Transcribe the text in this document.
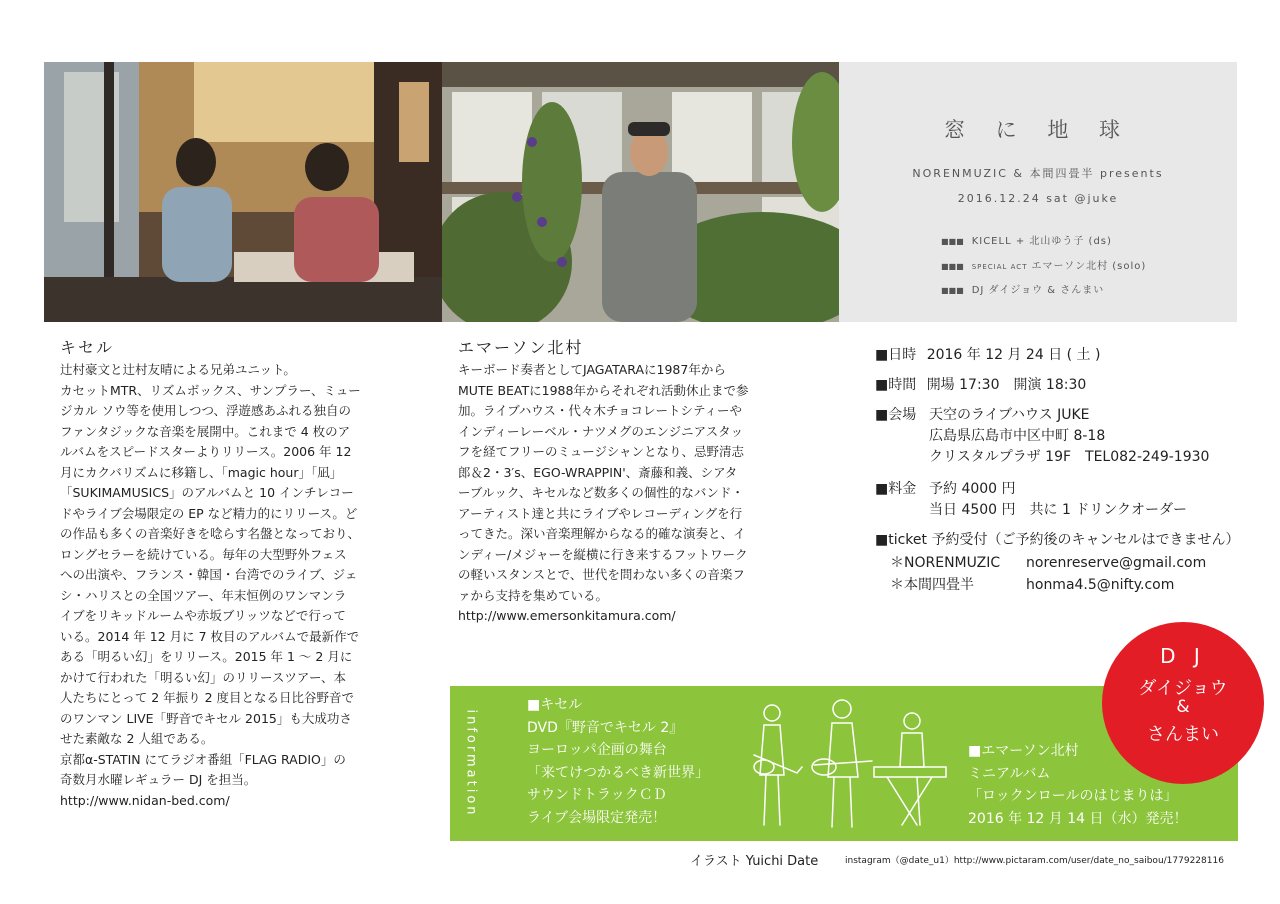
窓 に 地 球
NORENMUZIC & 本間四畳半 presents
2016.12.24 sat @juke
■■■ KICELL + 北山ゆう子 (ds)
■■■ SPECIAL ACT エマーソン北村 (solo)
■■■ DJ ダイジョウ & さんまい
キセル
辻村豪文と辻村友晴による兄弟ユニット。
カセットMTR、リズムボックス、サンプラー、ミュー
ジカル ソウ等を使用しつつ、浮遊感あふれる独自の
ファンタジックな音楽を展開中。これまで 4 枚のア
ルバムをスピードスターよりリリース。2006 年 12
月にカクバリズムに移籍し、「magic hour」「凪」
「SUKIMAMUSICS」のアルバムと 10 インチレコー
ドやライブ会場限定の EP など精力的にリリース。ど
の作品も多くの音楽好きを唸らす名盤となっており、
ロングセラーを続けている。毎年の大型野外フェス
への出演や、フランス・韓国・台湾でのライブ、ジェ
シ・ハリスとの全国ツアー、年末恒例のワンマンラ
イブをリキッドルームや赤坂ブリッツなどで行って
いる。2014 年 12 月に 7 枚目のアルバムで最新作で
ある「明るい幻」をリリース。2015 年 1 ～ 2 月に
かけて行われた「明るい幻」のリリースツアー、本
人たちにとって 2 年振り 2 度目となる日比谷野音で
のワンマン LIVE「野音でキセル 2015」も大成功さ
せた素敵な 2 人組である。
京都α-STATIN にてラジオ番組「FLAG RADIO」の
奇数月水曜レギュラー DJ を担当。
http://www.nidan-bed.com/
エマーソン北村
キーボード奏者としてJAGATARAに1987年から
MUTE BEATに1988年からそれぞれ活動休止まで参
加。ライブハウス・代々木チョコレートシティーや
インディーレーベル・ナツメグのエンジニアスタッ
フを経てフリーのミュージシャンとなり、忌野清志
郎＆2・3′s、EGO-WRAPPIN'、斎藤和義、シアタ
ーブルック、キセルなど数多くの個性的なバンド・
アーティスト達と共にライブやレコーディングを行
ってきた。深い音楽理解からなる的確な演奏と、イ
ンディー/メジャーを縦横に行き来するフットワーク
の軽いスタンスとで、世代を問わない多くの音楽フ
ァから支持を集めている。
http://www.emersonkitamura.com/
■日時 2016 年 12 月 24 日 ( 土 )
■時間 開場 17:30　開演 18:30
■会場 天空のライブハウス JUKE
広島県広島市中区中町 8-18
クリスタルプラザ 19F　TEL082-249-1930
■料金 予約 4000 円
当日 4500 円　共に 1 ドリンクオーダー
■ticket 予約受付（ご予約後のキャンセルはできません）
＊NORENMUZIC norenreserve@gmail.com
＊本間四畳半	honma4.5@nifty.com
information
■キセル
DVD『野音でキセル 2』
ヨーロッパ企画の舞台
「来てけつかるべき新世界」
サウンドトラックＣＤ
ライブ会場限定発売！
■エマーソン北村
ミニアルバム
「ロックンロールのはじまりは」
2016 年 12 月 14 日（水）発売！
D J
ダイジョウ
&
さんまい
イラスト Yuichi Date	instagram（@date_u1）http://www.pictaram.com/user/date_no_saibou/1779228116
